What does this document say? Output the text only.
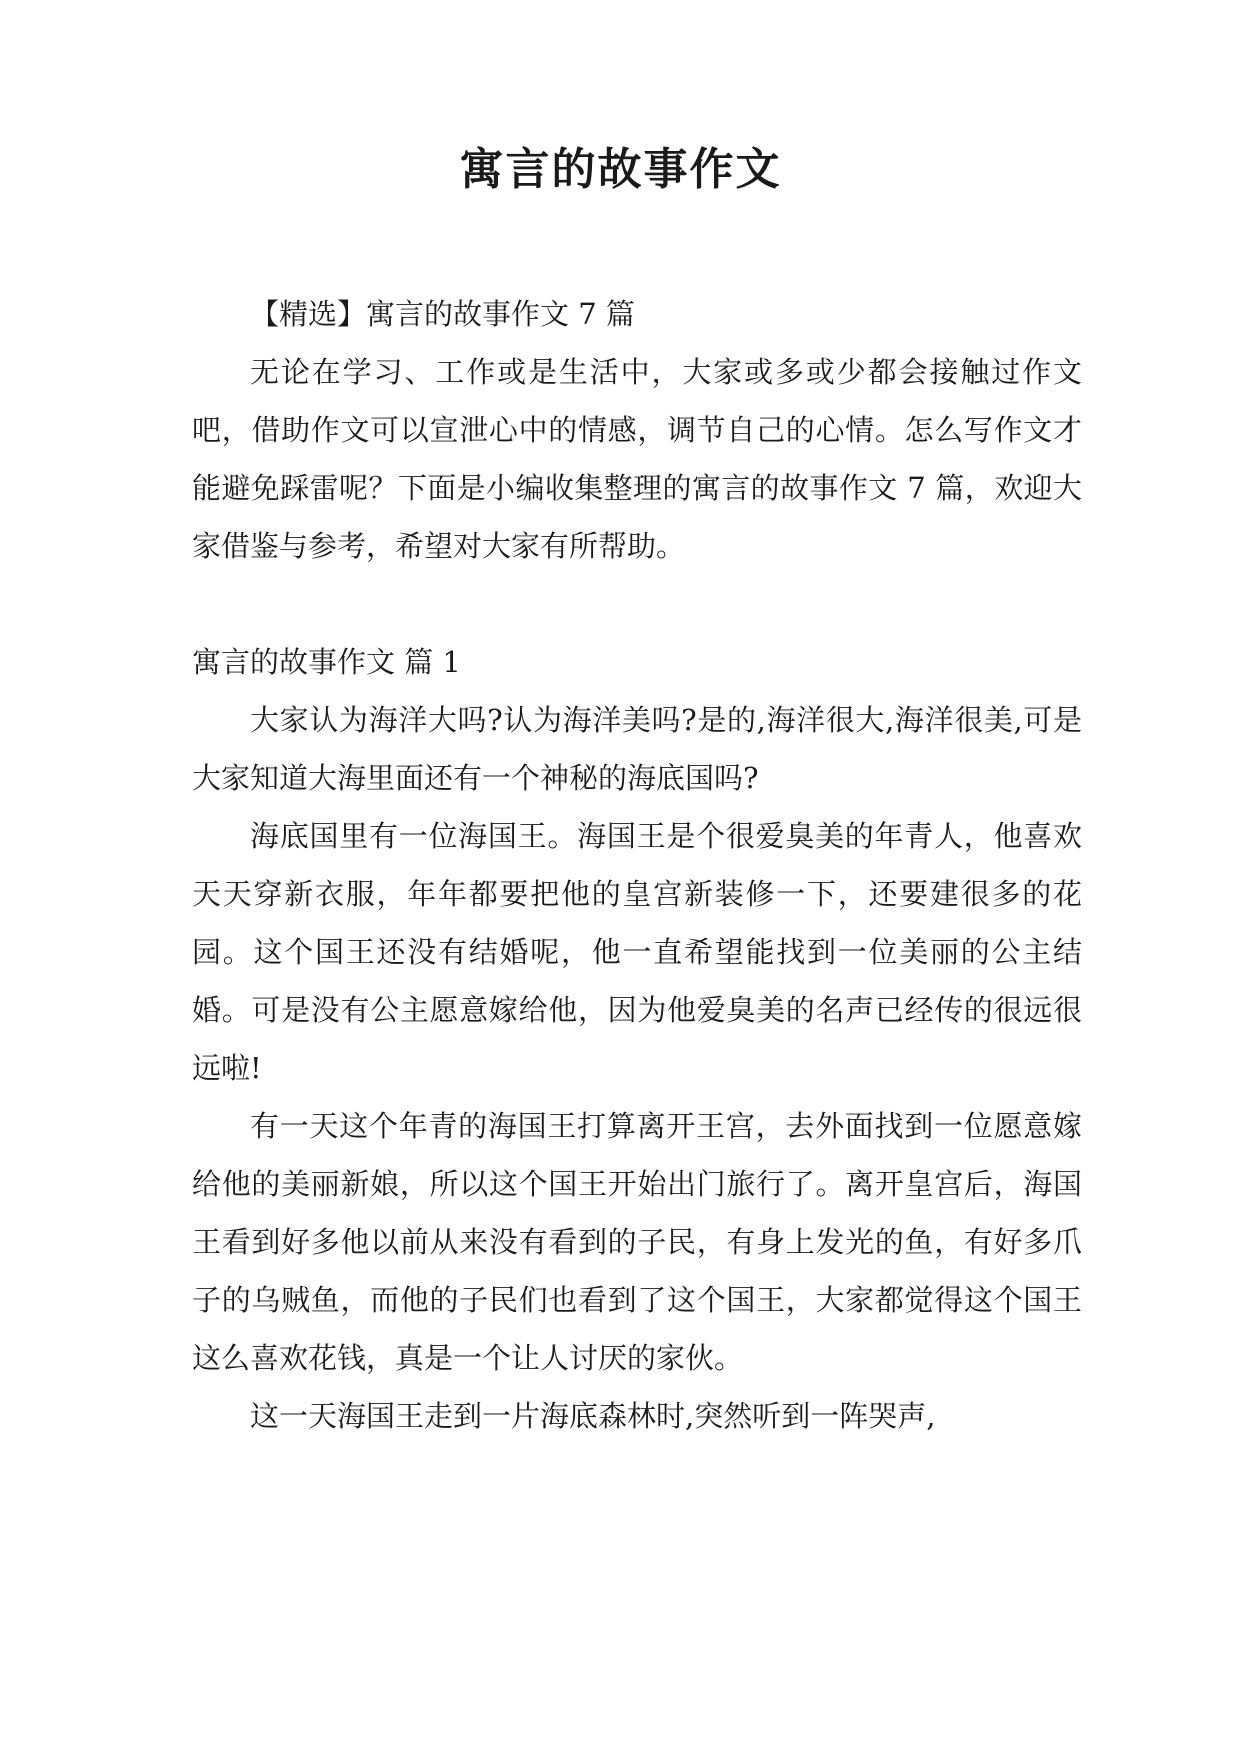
寓言的故事作文

【精选】寓言的故事作文 7 篇

无论在学习、工作或是生活中，大家或多或少都会接触过作文吧，借助作文可以宣泄心中的情感，调节自己的心情。怎么写作文才能避免踩雷呢？下面是小编收集整理的寓言的故事作文 7 篇，欢迎大家借鉴与参考，希望对大家有所帮助。

寓言的故事作文 篇 1

大家认为海洋大吗?认为海洋美吗?是的,海洋很大,海洋很美,可是大家知道大海里面还有一个神秘的海底国吗?

海底国里有一位海国王。海国王是个很爱臭美的年青人，他喜欢天天穿新衣服，年年都要把他的皇宫新装修一下，还要建很多的花园。这个国王还没有结婚呢，他一直希望能找到一位美丽的公主结婚。可是没有公主愿意嫁给他，因为他爱臭美的名声已经传的很远很远啦!

有一天这个年青的海国王打算离开王宫，去外面找到一位愿意嫁给他的美丽新娘，所以这个国王开始出门旅行了。离开皇宫后，海国王看到好多他以前从来没有看到的子民，有身上发光的鱼，有好多爪子的乌贼鱼，而他的子民们也看到了这个国王，大家都觉得这个国王这么喜欢花钱，真是一个让人讨厌的家伙。

这一天海国王走到一片海底森林时,突然听到一阵哭声,
